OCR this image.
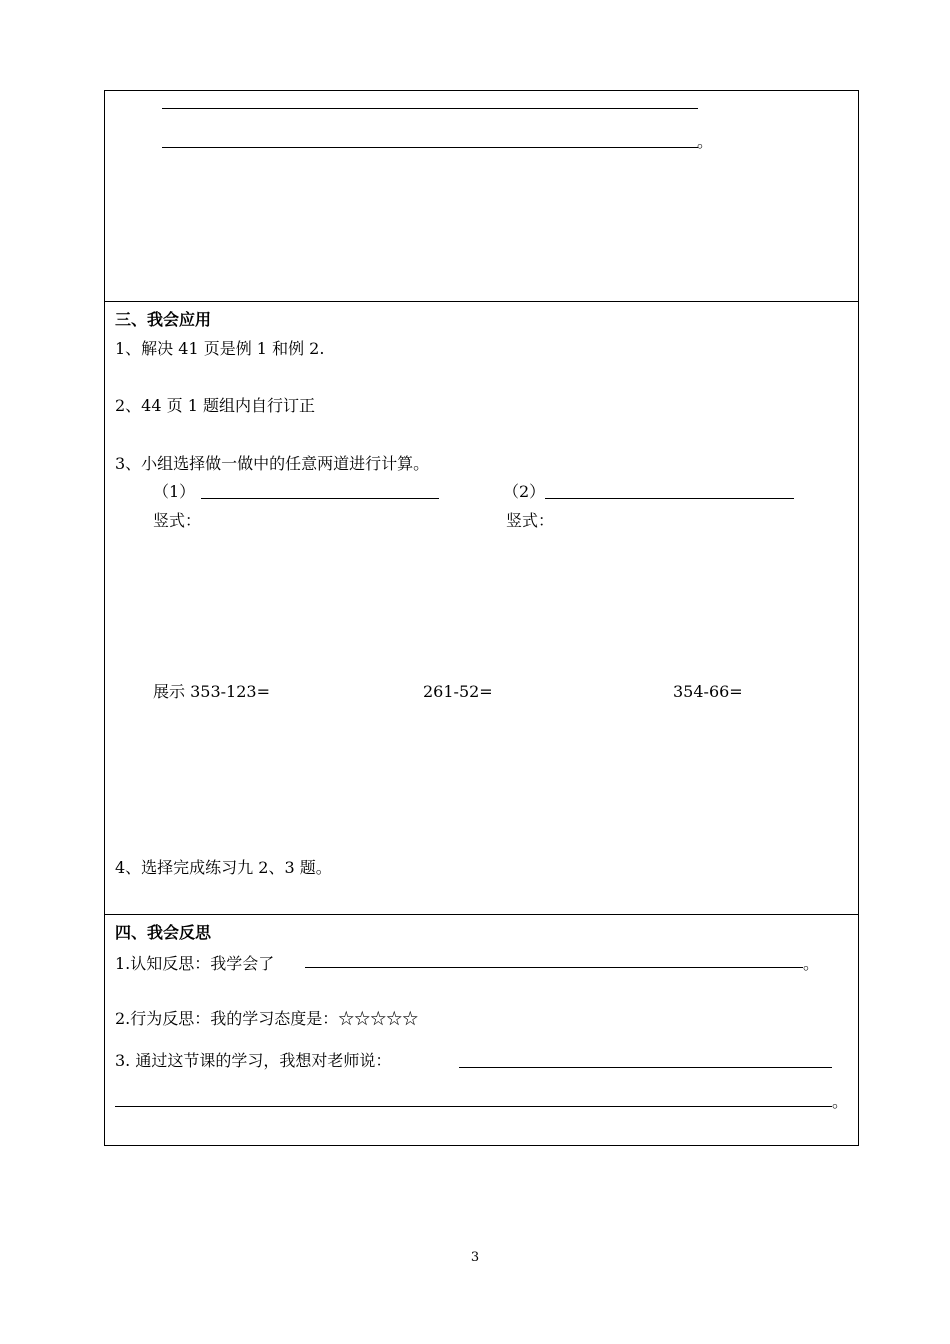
。
三、我会应用
1、解决 41 页是例 1 和例 2.
2、44 页 1 题组内自行订正
3、小组选择做一做中的任意两道进行计算。
（1）	（2）
竖式：	竖式：
展示 353-123=	261-52=	354-66=
4、选择完成练习九 2、3 题。
四、我会反思
1.认知反思：我学会了	。
2.行为反思：我的学习态度是：☆☆☆☆☆
3. 通过这节课的学习，我想对老师说：
。
3
